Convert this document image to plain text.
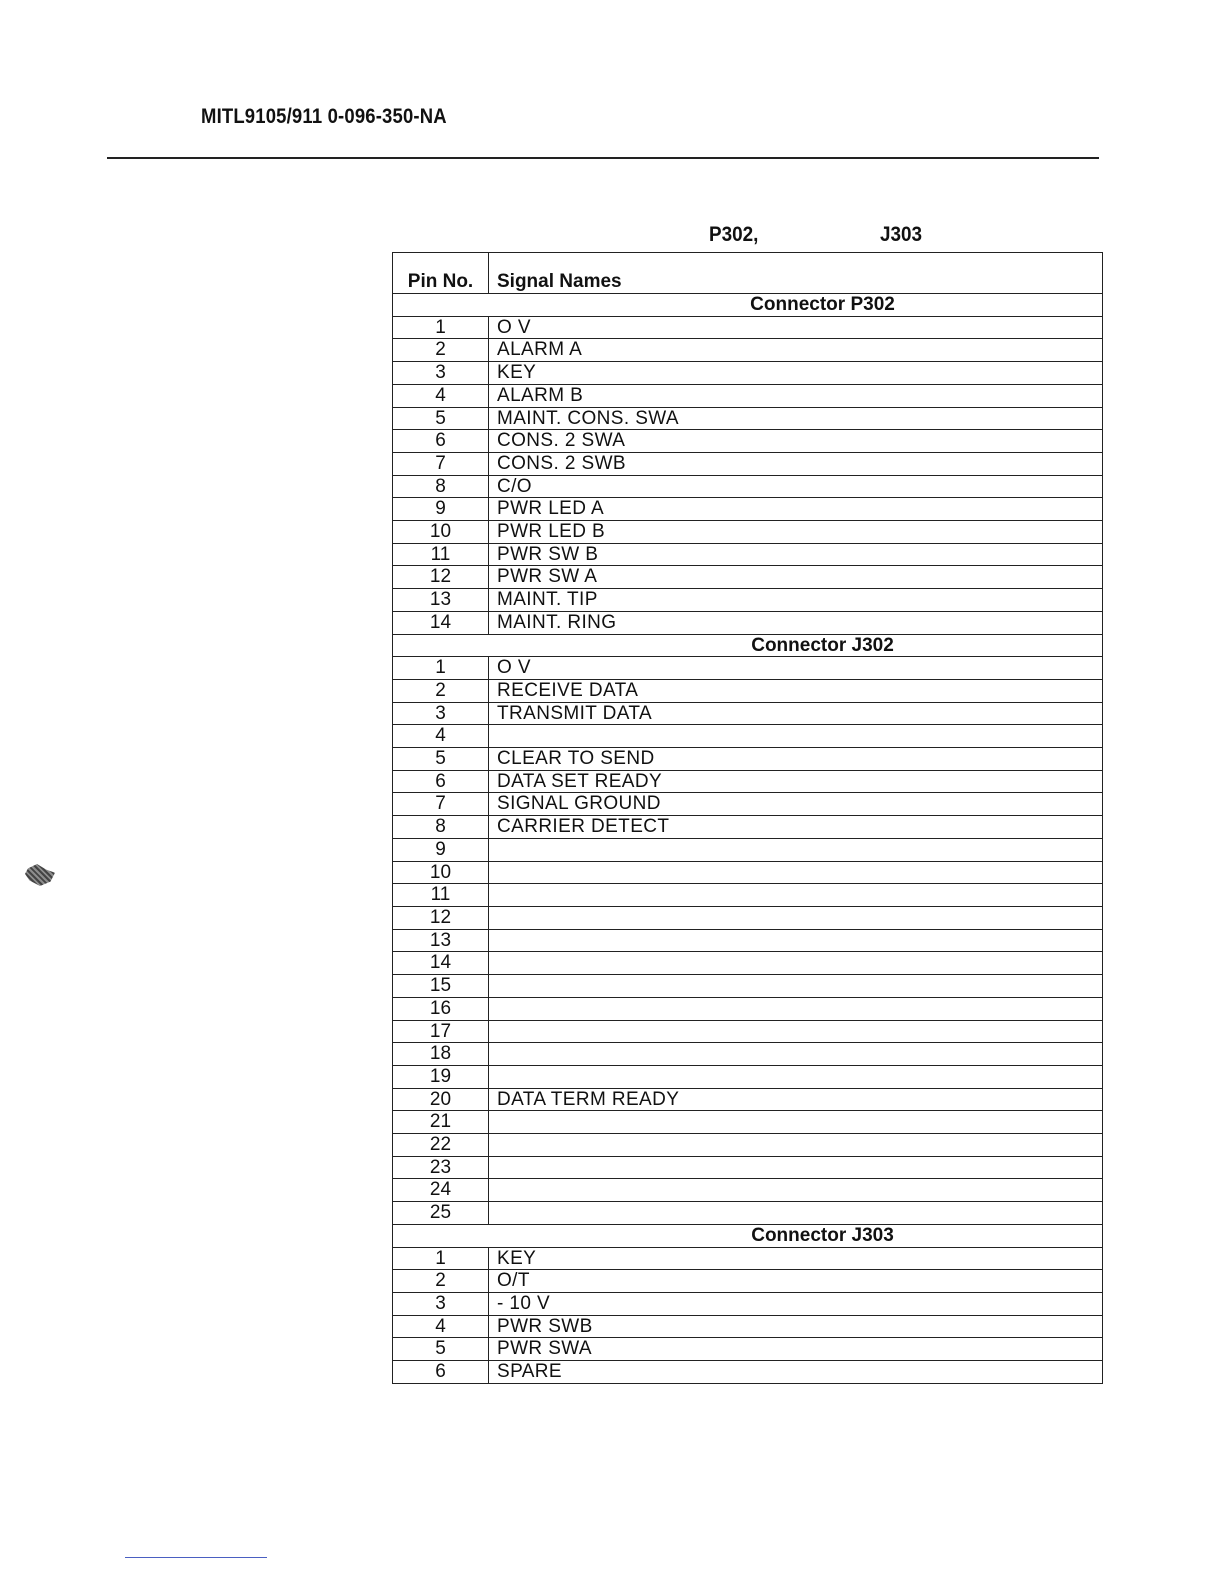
MITL9105/911 0-096-350-NA
P302,	J303
Pin No.	Signal Names
Connector P302	
1	O V
2	ALARM A
3	KEY
4	ALARM B
5	MAINT. CONS. SWA
6	CONS. 2 SWA
7	CONS. 2 SWB
8	C/O
9	PWR LED A
10	PWR LED B
11	PWR SW B
12	PWR SW A
13	MAINT. TIP
14	MAINT. RING
Connector J302	
1	O V
2	RECEIVE DATA
3	TRANSMIT DATA
4	
5	CLEAR TO SEND
6	DATA SET READY
7	SIGNAL GROUND
8	CARRIER DETECT
9	
10	
11	
12	
13	
14	
15	
16	
17	
18	
19	
20	DATA TERM READY
21	
22	
23	
24	
25	
Connector J303	
1	KEY
2	O/T
3	- 10 V
4	PWR SWB
5	PWR SWA
6	SPARE
